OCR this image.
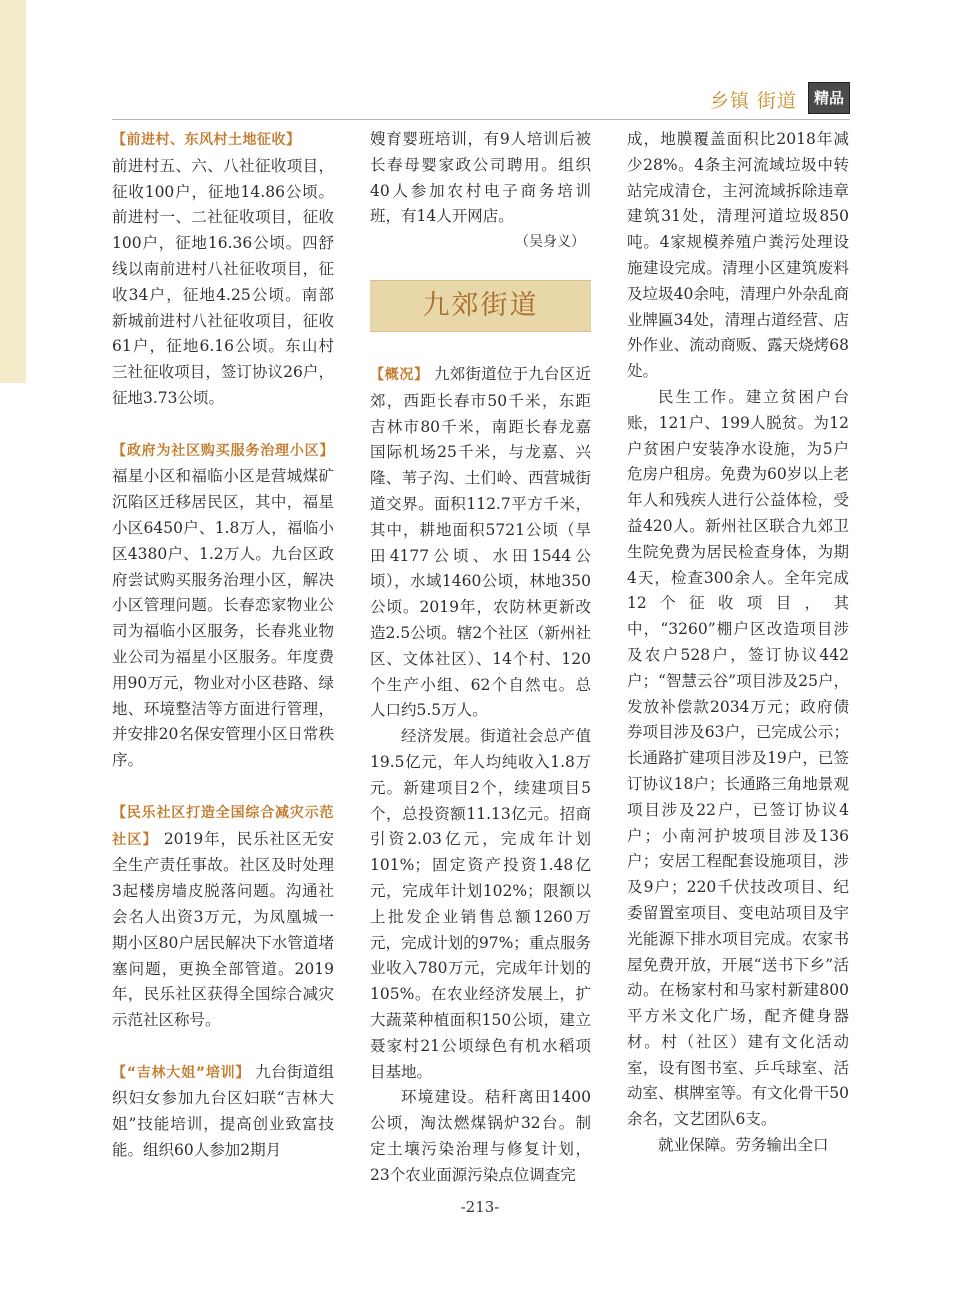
乡镇 街道	精品

【前进村、东风村土地征收】
前进村五、六、八社征收项目，征收100户，征地14.86公顷。前进村一、二社征收项目，征收100户，征地16.36公顷。四舒线以南前进村八社征收项目，征收34户，征地4.25公顷。南部新城前进村八社征收项目，征收61户，征地6.16公顷。东山村三社征收项目，签订协议26户，征地3.73公顷。

【政府为社区购买服务治理小区】 福星小区和福临小区是营城煤矿沉陷区迁移居民区，其中，福星小区6450户、1.8万人，福临小区4380户、1.2万人。九台区政府尝试购买服务治理小区，解决小区管理问题。长春恋家物业公司为福临小区服务，长春兆业物业公司为福星小区服务。年度费用90万元，物业对小区巷路、绿地、环境整洁等方面进行管理，并安排20名保安管理小区日常秩序。

【民乐社区打造全国综合减灾示范社区】 2019年，民乐社区无安全生产责任事故。社区及时处理3起楼房墙皮脱落问题。沟通社会名人出资3万元，为凤凰城一期小区80户居民解决下水管道堵塞问题，更换全部管道。2019年，民乐社区获得全国综合减灾示范社区称号。

【“吉林大姐”培训】 九台街道组织妇女参加九台区妇联“吉林大姐”技能培训，提高创业致富技能。组织60人参加2期月

嫂育婴班培训，有9人培训后被长春母婴家政公司聘用。组织40人参加农村电子商务培训班，有14人开网店。

（吴身义）

九郊街道

【概况】 九郊街道位于九台区近郊，西距长春市50千米，东距吉林市80千米，南距长春龙嘉国际机场25千米，与龙嘉、兴隆、苇子沟、土们岭、西营城街道交界。面积112.7平方千米，其中，耕地面积5721公顷（旱田4177公顷、水田1544公顷），水域1460公顷，林地350公顷。2019年，农防林更新改造2.5公顷。辖2个社区（新州社区、文体社区）、14个村、120个生产小组、62个自然屯。总人口约5.5万人。

经济发展。街道社会总产值19.5亿元，年人均纯收入1.8万元。新建项目2个，续建项目5个，总投资额11.13亿元。招商引资2.03亿元，完成年计划101%；固定资产投资1.48亿元，完成年计划102%；限额以上批发企业销售总额1260万元，完成计划的97%；重点服务业收入780万元，完成年计划的105%。在农业经济发展上，扩大蔬菜种植面积150公顷，建立聂家村21公顷绿色有机水稻项目基地。

环境建设。秸秆离田1400公顷，淘汰燃煤锅炉32台。制定土壤污染治理与修复计划，23个农业面源污染点位调查完

成，地膜覆盖面积比2018年减少28%。4条主河流域垃圾中转站完成清仓，主河流域拆除违章建筑31处，清理河道垃圾850吨。4家规模养殖户粪污处理设施建设完成。清理小区建筑废料及垃圾40余吨，清理户外杂乱商业牌匾34处，清理占道经营、店外作业、流动商贩、露天烧烤68处。

民生工作。建立贫困户台账，121户、199人脱贫。为12户贫困户安装净水设施，为5户危房户租房。免费为60岁以上老年人和残疾人进行公益体检，受益420人。新州社区联合九郊卫生院免费为居民检查身体，为期4天，检查300余人。全年完成12个征收项目，其中，“3260”棚户区改造项目涉及农户528户，签订协议442户；“智慧云谷”项目涉及25户，发放补偿款2034万元；政府债券项目涉及63户，已完成公示；长通路扩建项目涉及19户，已签订协议18户；长通路三角地景观项目涉及22户，已签订协议4户；小南河护坡项目涉及136户；安居工程配套设施项目，涉及9户；220千伏技改项目、纪委留置室项目、变电站项目及宇光能源下排水项目完成。农家书屋免费开放，开展“送书下乡”活动。在杨家村和马家村新建800平方米文化广场，配齐健身器材。村（社区）建有文化活动室，设有图书室、乒乓球室、活动室、棋牌室等。有文化骨干50余名，文艺团队6支。

就业保障。劳务输出全口

-213-
